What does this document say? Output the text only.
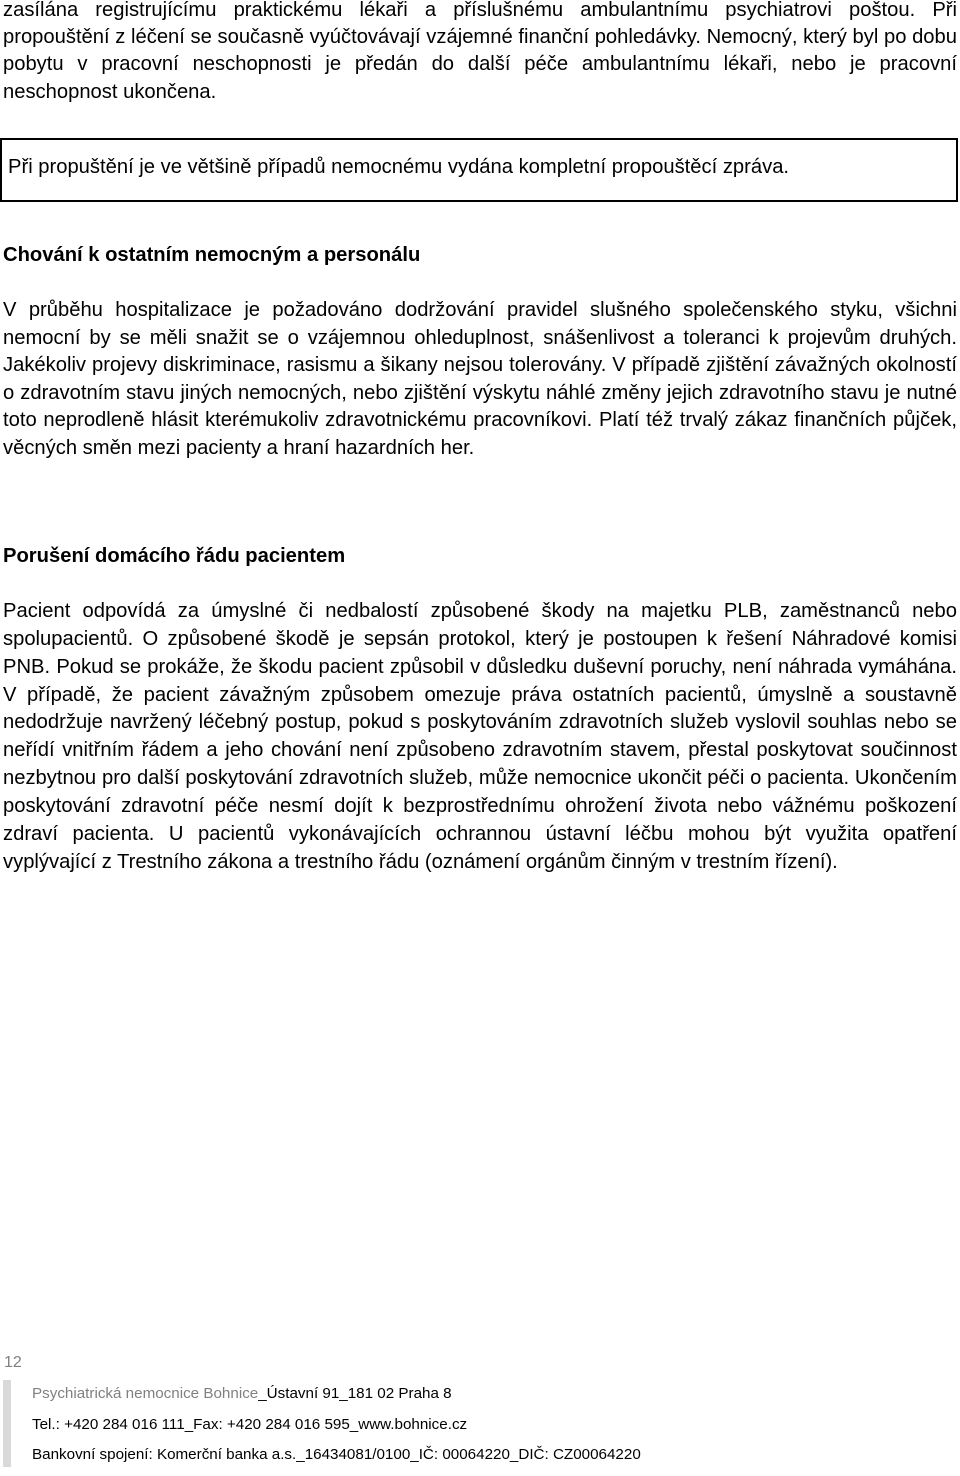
zasílána registrujícímu praktickému lékaři a příslušnému ambulantnímu psychiatrovi poštou. Při propouštění z léčení se současně vyúčtovávají vzájemné finanční pohledávky. Nemocný, který byl po dobu pobytu v pracovní neschopnosti je předán do další péče ambulantnímu lékaři, nebo je pracovní neschopnost ukončena.

Při propuštění je ve většině případů nemocnému vydána kompletní propouštěcí zpráva.

Chování k ostatním nemocným a personálu

V průběhu hospitalizace je požadováno dodržování pravidel slušného společenského styku, všichni nemocní by se měli snažit se o vzájemnou ohleduplnost, snášenlivost a toleranci k projevům druhých. Jakékoliv projevy diskriminace, rasismu a šikany nejsou tolerovány. V případě zjištění závažných okolností o zdravotním stavu jiných nemocných, nebo zjištění výskytu náhlé změny jejich zdravotního stavu je nutné toto neprodleně hlásit kterémukoliv zdravotnickému pracovníkovi. Platí též trvalý zákaz finančních půjček, věcných směn mezi pacienty a hraní hazardních her.

Porušení domácího řádu pacientem

Pacient odpovídá za úmyslné či nedbalostí způsobené škody na majetku PLB, zaměstnanců nebo spolupacientů. O způsobené škodě je sepsán protokol, který je postoupen k řešení Náhradové komisi PNB. Pokud se prokáže, že škodu pacient způsobil v důsledku duševní poruchy, není náhrada vymáhána. V případě, že pacient závažným způsobem omezuje práva ostatních pacientů, úmyslně a soustavně nedodržuje navržený léčebný postup, pokud s poskytováním zdravotních služeb vyslovil souhlas nebo se neřídí vnitřním řádem a jeho chování není způsobeno zdravotním stavem, přestal poskytovat součinnost nezbytnou pro další poskytování zdravotních služeb, může nemocnice ukončit péči o pacienta. Ukončením poskytování zdravotní péče nesmí dojít k bezprostřednímu ohrožení života nebo vážnému poškození zdraví pacienta. U pacientů vykonávajících ochrannou ústavní léčbu mohou být využita opatření vyplývající z Trestního zákona a trestního řádu (oznámení orgánům činným v trestním řízení).

12

Psychiatrická nemocnice Bohnice_Ústavní 91_181 02 Praha 8

Tel.: +420 284 016 111_Fax: +420 284 016 595_www.bohnice.cz

Bankovní spojení: Komerční banka a.s._16434081/0100_IČ: 00064220_DIČ: CZ00064220
